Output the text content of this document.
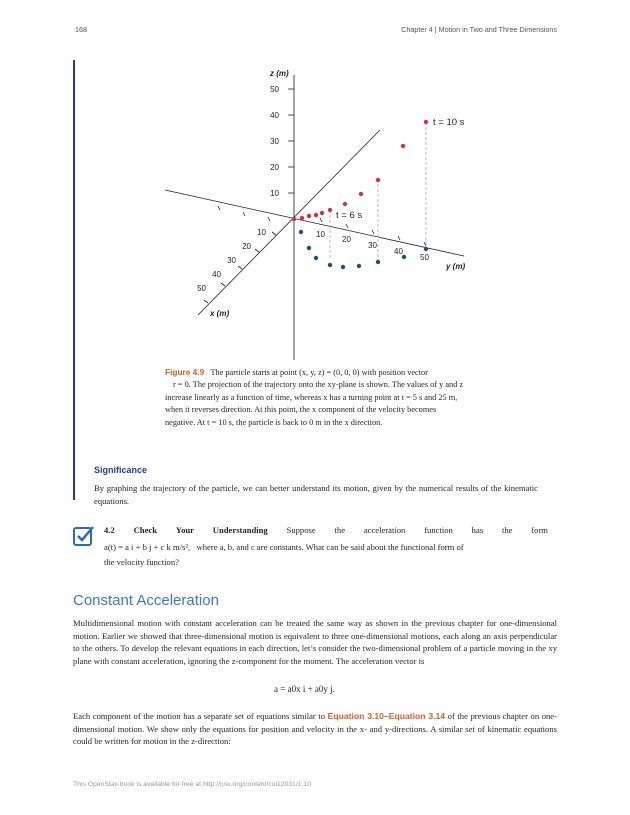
168	Chapter 4 | Motion in Two and Three Dimensions
z (m)
y (m)
x (m)
50
40
30
20
10
10
20
30
40
50
10
20
30
40
50
t = 10 s
t = 6 s
Figure 4.9 The particle starts at point (x, y, z) = (0, 0, 0) with position vector
r = 0. The projection of the trajectory onto the xy-plane is shown. The values of y and z increase linearly as a function of time, whereas x has a turning point at t = 5 s and 25 m, when it reverses direction. At this point, the x component of the velocity becomes negative. At t = 10 s, the particle is back to 0 m in the x direction.
Significance
By graphing the trajectory of the particle, we can better understand its motion, given by the numerical results of the kinematic equations.
4.2 Check Your Understanding Suppose the acceleration function has the form
a(t) = a i + b j + c k m/s², where a, b, and c are constants. What can be said about the functional form of
the velocity function?
Constant Acceleration
Multidimensional motion with constant acceleration can be treated the same way as shown in the previous chapter for one-dimensional motion. Earlier we showed that three-dimensional motion is equivalent to three one-dimensional motions, each along an axis perpendicular to the others. To develop the relevant equations in each direction, let’s consider the two-dimensional problem of a particle moving in the xy plane with constant acceleration, ignoring the z-component for the moment. The acceleration vector is
a = a0x i + a0y j.
Each component of the motion has a separate set of equations similar to Equation 3.10–Equation 3.14 of the previous chapter on one-dimensional motion. We show only the equations for position and velocity in the x- and y-directions. A similar set of kinematic equations could be written for motion in the z-direction:
This OpenStax book is available for free at http://cnx.org/content/col12031/1.10
